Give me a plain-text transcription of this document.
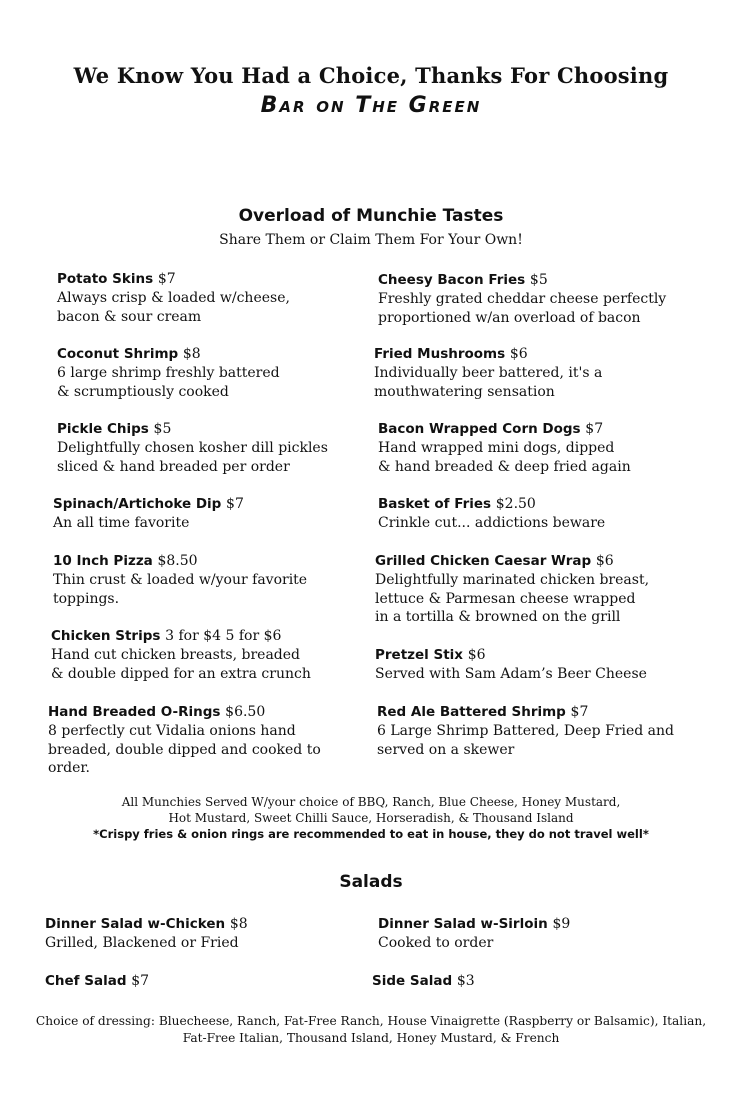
We Know You Had a Choice, Thanks For Choosing
Bar on The Green
Overload of Munchie Tastes
Share Them or Claim Them For Your Own!
Potato Skins $7
Always crisp & loaded w/cheese,
bacon & sour cream
Coconut Shrimp $8
6 large shrimp freshly battered
& scrumptiously cooked
Pickle Chips $5
Delightfully chosen kosher dill pickles
sliced & hand breaded per order
Spinach/Artichoke Dip $7
An all time favorite
10 Inch Pizza $8.50
Thin crust & loaded w/your favorite
toppings.
Chicken Strips 3 for $4 5 for $6
Hand cut chicken breasts, breaded
& double dipped for an extra crunch
Hand Breaded O-Rings $6.50
8 perfectly cut Vidalia onions hand
breaded, double dipped and cooked to
order.
Cheesy Bacon Fries $5
Freshly grated cheddar cheese perfectly
proportioned w/an overload of bacon
Fried Mushrooms $6
Individually beer battered, it's a
mouthwatering sensation
Bacon Wrapped Corn Dogs $7
Hand wrapped mini dogs, dipped
& hand breaded & deep fried again
Basket of Fries $2.50
Crinkle cut... addictions beware
Grilled Chicken Caesar Wrap $6
Delightfully marinated chicken breast,
lettuce & Parmesan cheese wrapped
in a tortilla & browned on the grill
Pretzel Stix $6
Served with Sam Adam’s Beer Cheese
Red Ale Battered Shrimp $7
6 Large Shrimp Battered, Deep Fried and
served on a skewer
All Munchies Served W/your choice of BBQ, Ranch, Blue Cheese, Honey Mustard,
Hot Mustard, Sweet Chilli Sauce, Horseradish, & Thousand Island
*Crispy fries & onion rings are recommended to eat in house, they do not travel well*
Salads
Dinner Salad w-Chicken $8
Grilled, Blackened or Fried
Dinner Salad w-Sirloin $9
Cooked to order
Chef Salad $7	Side Salad $3
Choice of dressing: Bluecheese, Ranch, Fat-Free Ranch, House Vinaigrette (Raspberry or Balsamic), Italian,
Fat-Free Italian, Thousand Island, Honey Mustard, & French
